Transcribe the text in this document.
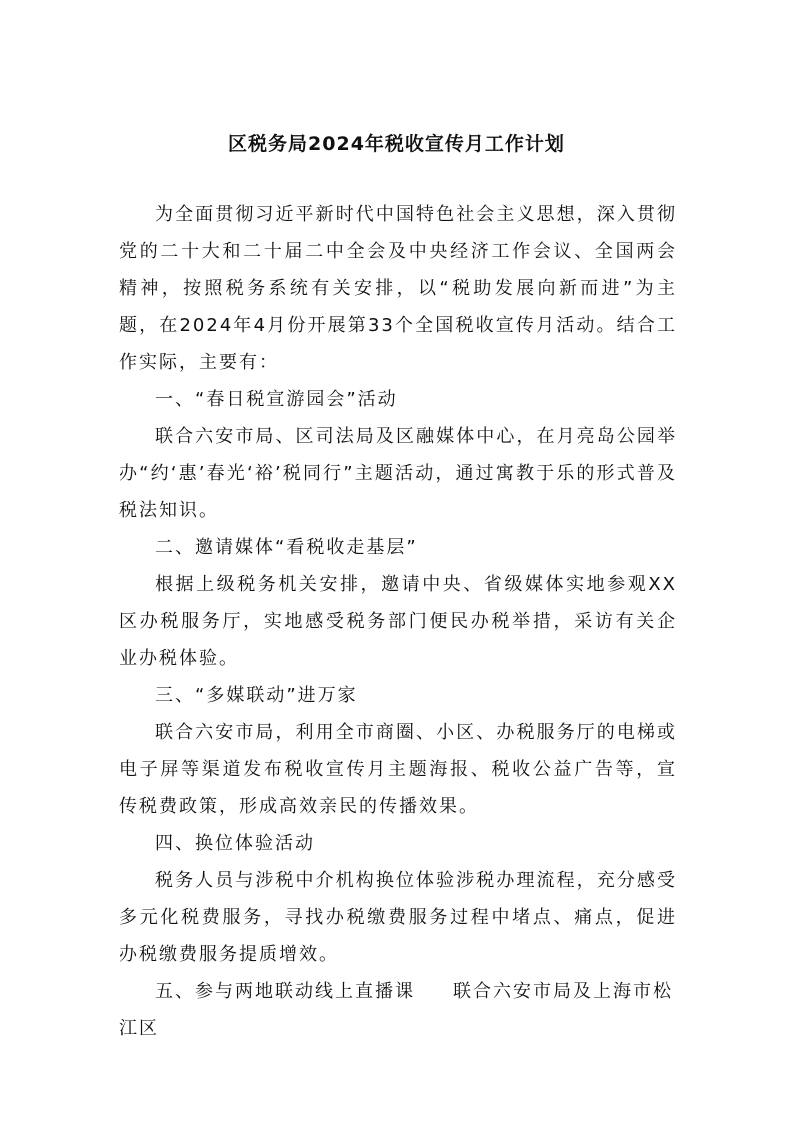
区税务局2024年税收宣传月工作计划

为全面贯彻习近平新时代中国特色社会主义思想，深入贯彻党的二十大和二十届二中全会及中央经济工作会议、全国两会精神，按照税务系统有关安排，以“税助发展向新而进”为主题，在2024年4月份开展第33个全国税收宣传月活动。结合工作实际，主要有：

一、“春日税宣游园会”活动

联合六安市局、区司法局及区融媒体中心，在月亮岛公园举办“约‘惠’春光‘裕’税同行”主题活动，通过寓教于乐的形式普及税法知识。

二、邀请媒体“看税收走基层”

根据上级税务机关安排，邀请中央、省级媒体实地参观XX区办税服务厅，实地感受税务部门便民办税举措，采访有关企业办税体验。

三、“多媒联动”进万家

联合六安市局，利用全市商圈、小区、办税服务厅的电梯或电子屏等渠道发布税收宣传月主题海报、税收公益广告等，宣传税费政策，形成高效亲民的传播效果。

四、换位体验活动

税务人员与涉税中介机构换位体验涉税办理流程，充分感受多元化税费服务，寻找办税缴费服务过程中堵点、痛点，促进办税缴费服务提质增效。

五、参与两地联动线上直播课 联合六安市局及上海市松江区
